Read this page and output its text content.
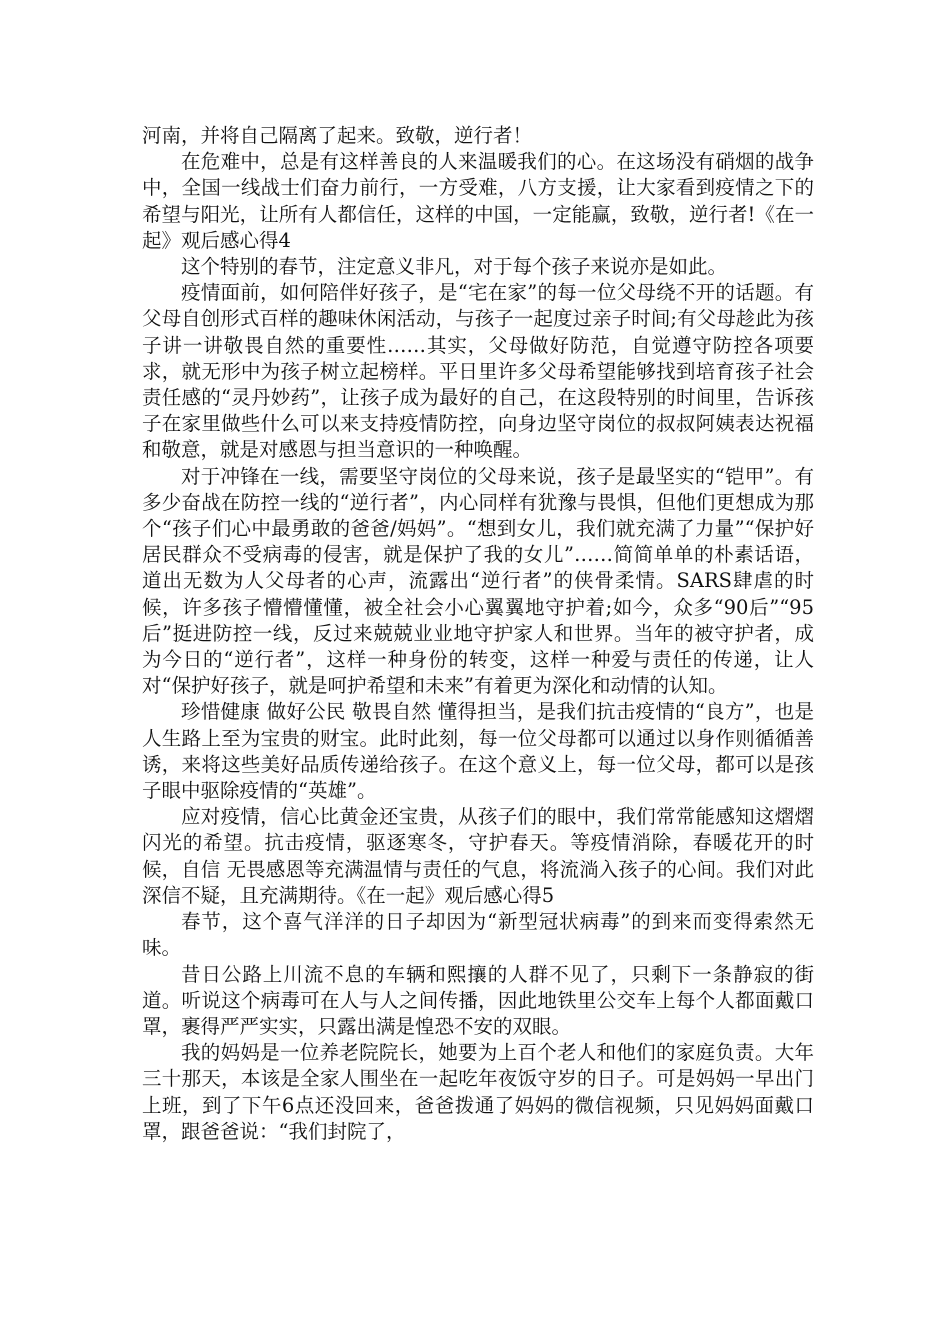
河南，并将自己隔离了起来。致敬，逆行者！

在危难中，总是有这样善良的人来温暖我们的心。在这场没有硝烟的战争中，全国一线战士们奋力前行，一方受难，八方支援，让大家看到疫情之下的希望与阳光，让所有人都信任，这样的中国，一定能赢，致敬，逆行者!《在一起》观后感心得4

这个特别的春节，注定意义非凡，对于每个孩子来说亦是如此。

疫情面前，如何陪伴好孩子，是“宅在家”的每一位父母绕不开的话题。有父母自创形式百样的趣味休闲活动，与孩子一起度过亲子时间;有父母趁此为孩子讲一讲敬畏自然的重要性……其实，父母做好防范，自觉遵守防控各项要求，就无形中为孩子树立起榜样。平日里许多父母希望能够找到培育孩子社会责任感的“灵丹妙药”，让孩子成为最好的自己，在这段特别的时间里，告诉孩子在家里做些什么可以来支持疫情防控，向身边坚守岗位的叔叔阿姨表达祝福和敬意，就是对感恩与担当意识的一种唤醒。

对于冲锋在一线，需要坚守岗位的父母来说，孩子是最坚实的“铠甲”。有多少奋战在防控一线的“逆行者”，内心同样有犹豫与畏惧，但他们更想成为那个“孩子们心中最勇敢的爸爸/妈妈”。“想到女儿，我们就充满了力量”“保护好居民群众不受病毒的侵害，就是保护了我的女儿”……简简单单的朴素话语，道出无数为人父母者的心声，流露出“逆行者”的侠骨柔情。SARS肆虐的时候，许多孩子懵懵懂懂，被全社会小心翼翼地守护着;如今，众多“90后”“95后”挺进防控一线，反过来兢兢业业地守护家人和世界。当年的被守护者，成为今日的“逆行者”，这样一种身份的转变，这样一种爱与责任的传递，让人对“保护好孩子，就是呵护希望和未来”有着更为深化和动情的认知。

珍惜健康 做好公民 敬畏自然 懂得担当，是我们抗击疫情的“良方”，也是人生路上至为宝贵的财宝。此时此刻，每一位父母都可以通过以身作则循循善诱，来将这些美好品质传递给孩子。在这个意义上，每一位父母，都可以是孩子眼中驱除疫情的“英雄”。

应对疫情，信心比黄金还宝贵，从孩子们的眼中，我们常常能感知这熠熠闪光的希望。抗击疫情，驱逐寒冬，守护春天。等疫情消除，春暖花开的时候，自信 无畏感恩等充满温情与责任的气息，将流淌入孩子的心间。我们对此深信不疑，且充满期待。《在一起》观后感心得5

春节，这个喜气洋洋的日子却因为“新型冠状病毒”的到来而变得索然无味。

昔日公路上川流不息的车辆和熙攘的人群不见了，只剩下一条静寂的街道。听说这个病毒可在人与人之间传播，因此地铁里公交车上每个人都面戴口罩，裹得严严实实，只露出满是惶恐不安的双眼。

我的妈妈是一位养老院院长，她要为上百个老人和他们的家庭负责。大年三十那天，本该是全家人围坐在一起吃年夜饭守岁的日子。可是妈妈一早出门上班，到了下午6点还没回来，爸爸拨通了妈妈的微信视频，只见妈妈面戴口罩，跟爸爸说：“我们封院了，
